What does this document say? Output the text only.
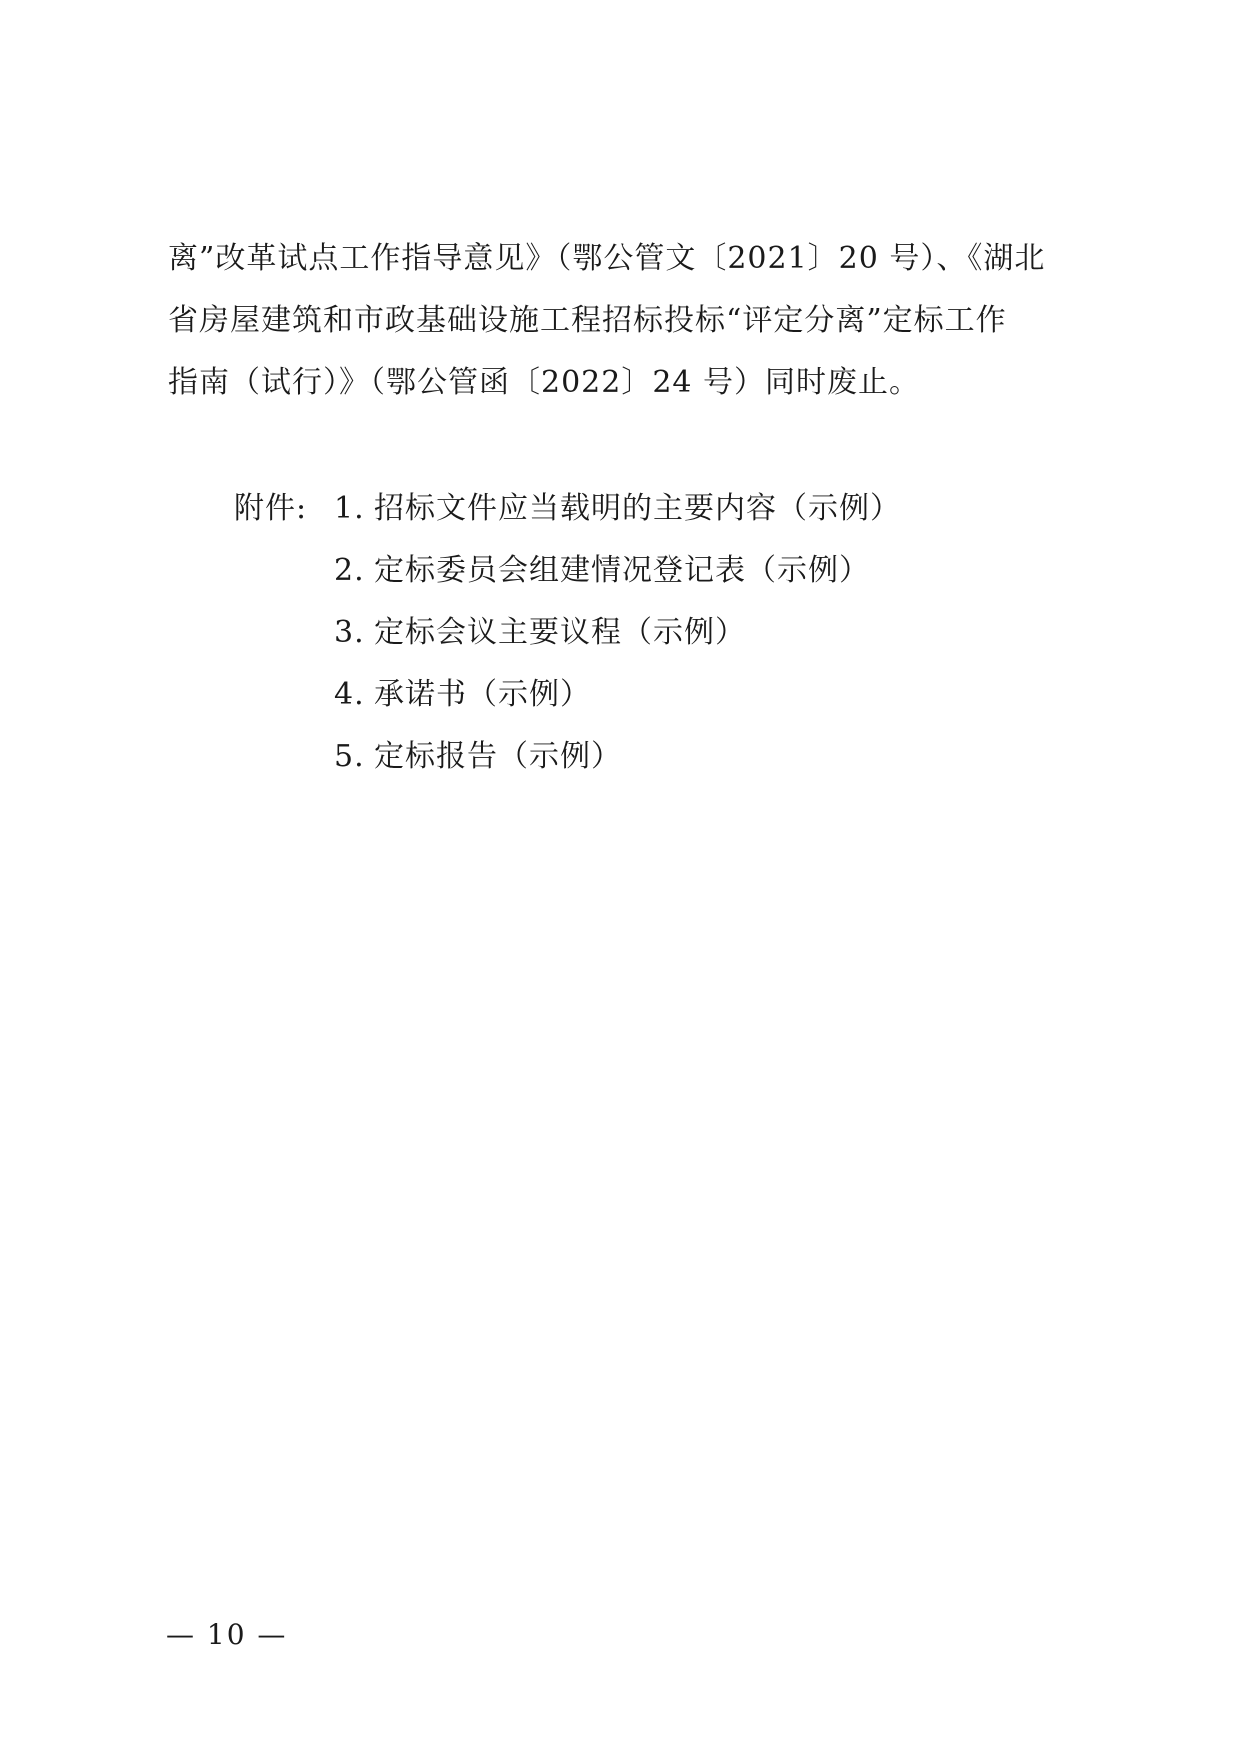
离”改革试点工作指导意见》（鄂公管文〔2021〕20 号）、《湖北
省房屋建筑和市政基础设施工程招标投标“评定分离”定标工作
指南（试行）》（鄂公管函〔2022〕24 号）同时废止。
附件: 1. 招标文件应当载明的主要内容（示例）
2. 定标委员会组建情况登记表（示例）
3. 定标会议主要议程（示例）
4. 承诺书（示例）
5. 定标报告（示例）
— 10 —
